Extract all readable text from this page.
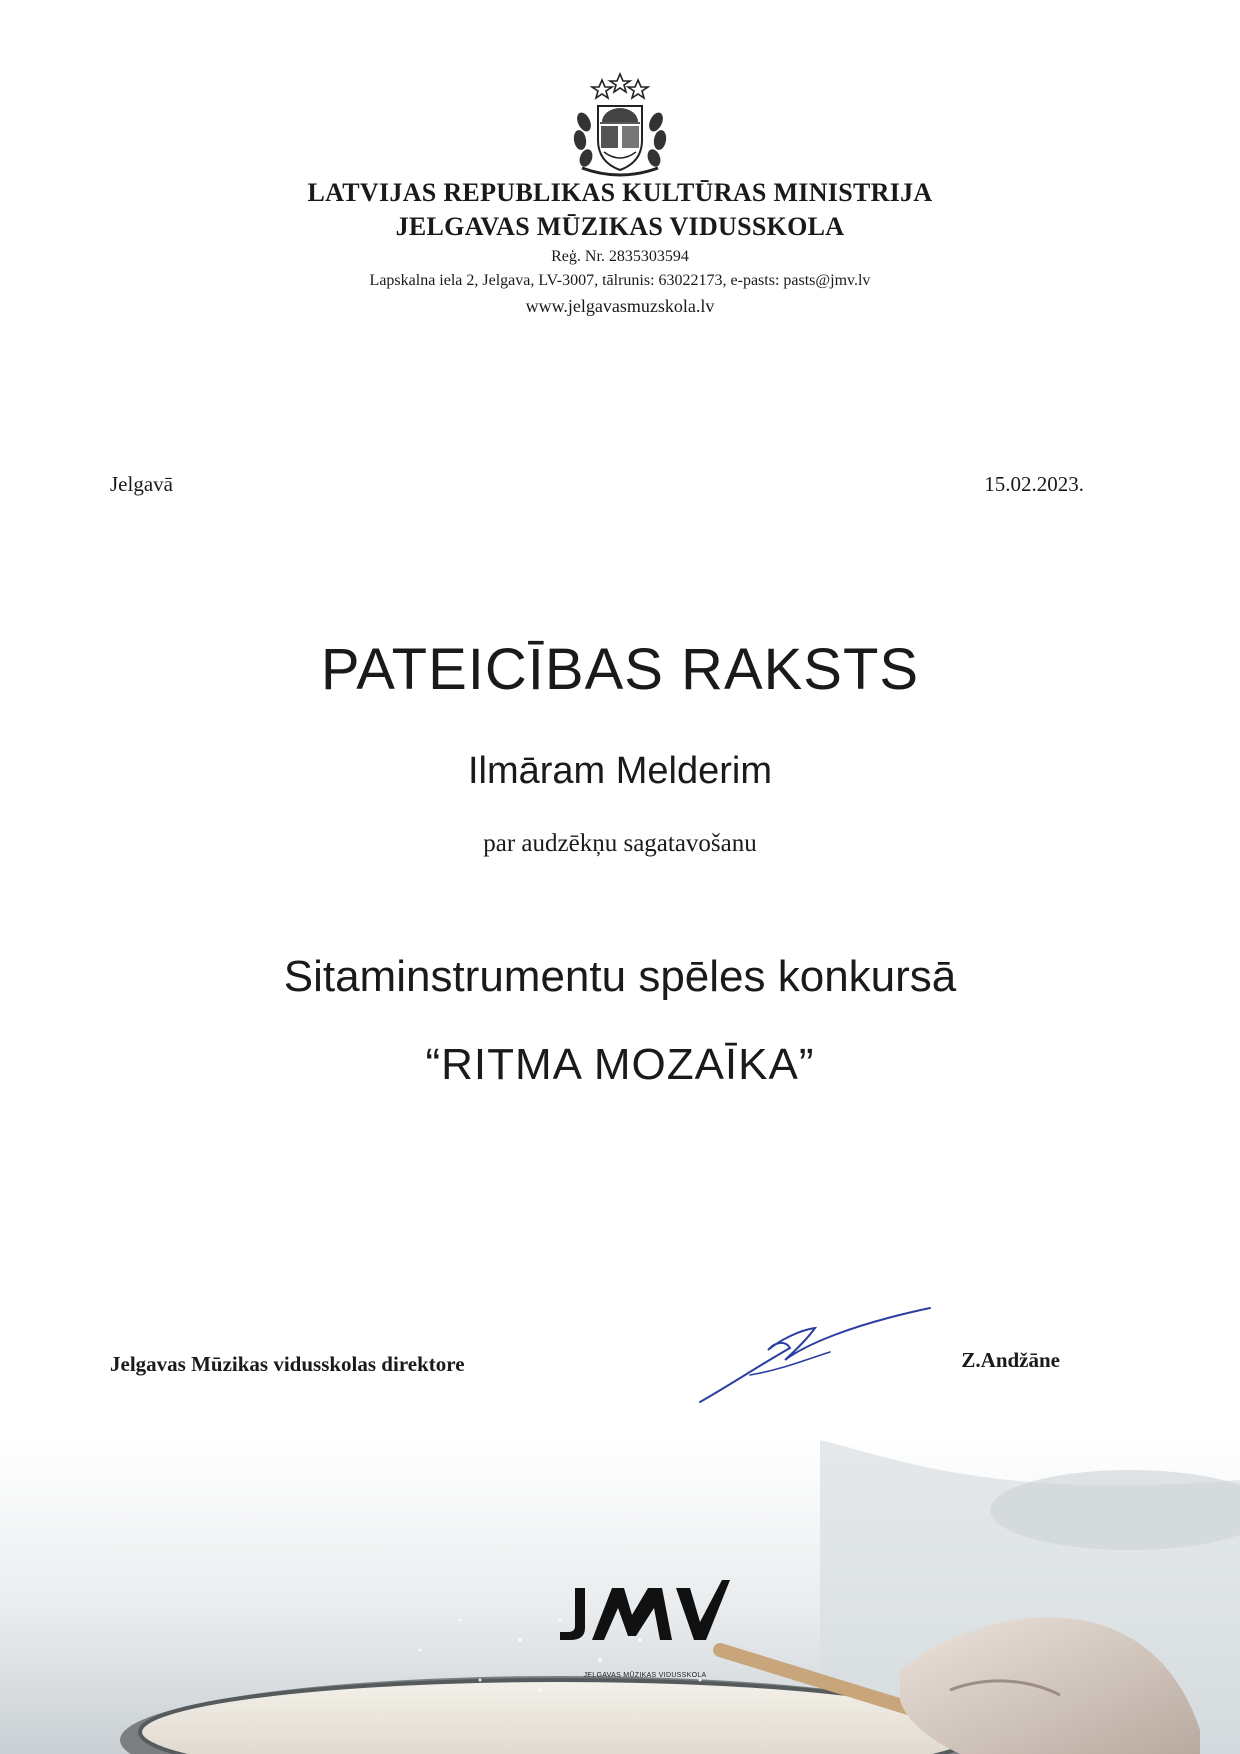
LATVIJAS REPUBLIKAS KULTŪRAS MINISTRIJA
JELGAVAS MŪZIKAS VIDUSSKOLA
Reģ. Nr. 2835303594
Lapskalna iela 2, Jelgava, LV-3007, tālrunis: 63022173, e-pasts: pasts@jmv.lv
www.jelgavasmuzskola.lv
Jelgavā	15.02.2023.
PATEICĪBAS RAKSTS
Ilmāram Melderim
par audzēkņu sagatavošanu
Sitaminstrumentu spēles konkursā
“RITMA MOZAĪKA”
Jelgavas Mūzikas vidusskolas direktore	Z.Andžāne
JELGAVAS MŪZIKAS VIDUSSKOLA
